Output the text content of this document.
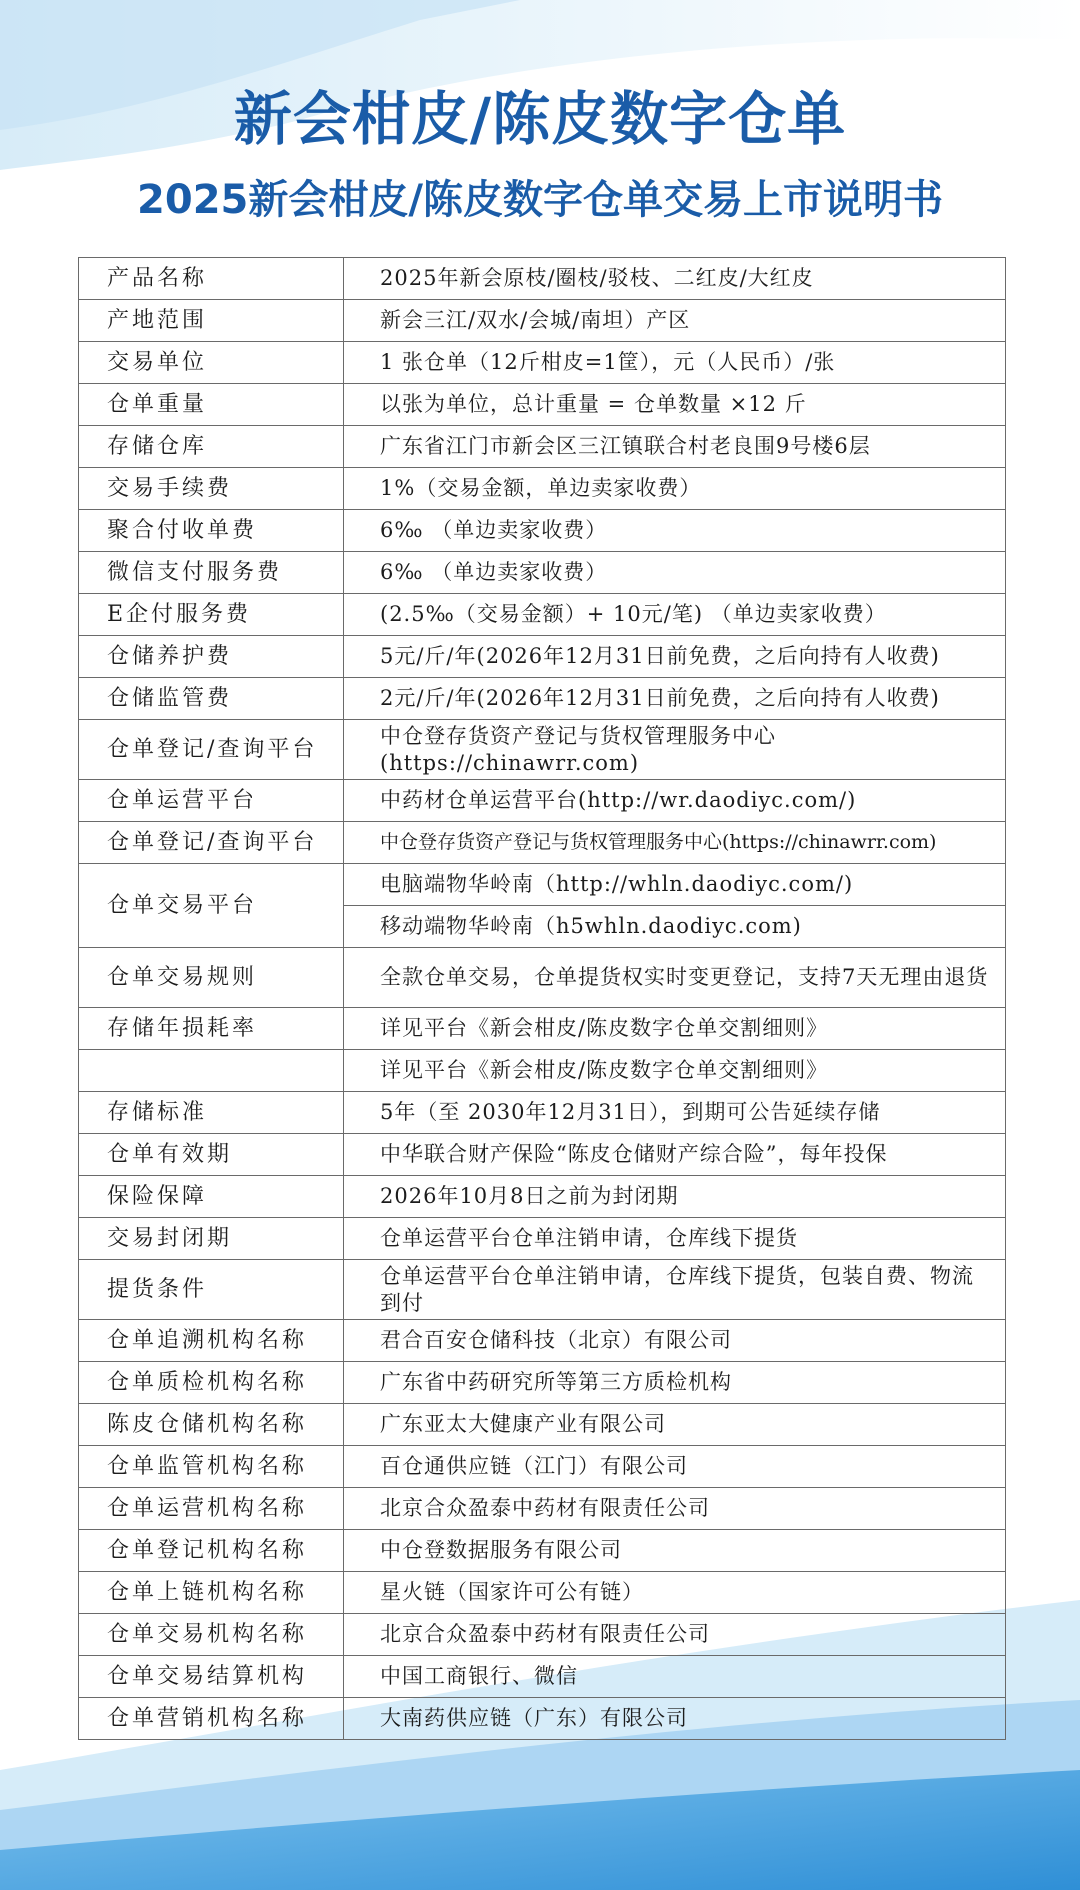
新会柑皮/陈皮数字仓单
2025新会柑皮/陈皮数字仓单交易上市说明书
产品名称	2025年新会原枝/圈枝/驳枝、二红皮/大红皮
产地范围	新会三江/双水/会城/南坦）产区
交易单位	1 张仓单（12斤柑皮=1筐），元（人民币）/张
仓单重量	以张为单位，总计重量 = 仓单数量 ×12 斤
存储仓库	广东省江门市新会区三江镇联合村老良围9号楼6层
交易手续费	1%（交易金额，单边卖家收费）
聚合付收单费	6‰ （单边卖家收费）
微信支付服务费	6‰ （单边卖家收费）
E企付服务费	(2.5‰（交易金额）+ 10元/笔) （单边卖家收费）
仓储养护费	5元/斤/年(2026年12月31日前免费，之后向持有人收费)
仓储监管费	2元/斤/年(2026年12月31日前免费，之后向持有人收费)
仓单登记/查询平台	中仓登存货资产登记与货权管理服务中心(https://chinawrr.com)
仓单运营平台	中药材仓单运营平台(http://wr.daodiyc.com/)
仓单登记/查询平台	中仓登存货资产登记与货权管理服务中心(https://chinawrr.com)
仓单交易平台	电脑端物华岭南（http://whln.daodiyc.com/)
	移动端物华岭南（h5whln.daodiyc.com)
仓单交易规则	全款仓单交易，仓单提货权实时变更登记，支持7天无理由退货
存储年损耗率	详见平台《新会柑皮/陈皮数字仓单交割细则》
	详见平台《新会柑皮/陈皮数字仓单交割细则》
存储标准	5年（至 2030年12月31日），到期可公告延续存储
仓单有效期	中华联合财产保险“陈皮仓储财产综合险”，每年投保
保险保障	2026年10月8日之前为封闭期
交易封闭期	仓单运营平台仓单注销申请，仓库线下提货
提货条件	仓单运营平台仓单注销申请，仓库线下提货，包装自费、物流到付
仓单追溯机构名称	君合百安仓储科技（北京）有限公司
仓单质检机构名称	广东省中药研究所等第三方质检机构
陈皮仓储机构名称	广东亚太大健康产业有限公司
仓单监管机构名称	百仓通供应链（江门）有限公司
仓单运营机构名称	北京合众盈泰中药材有限责任公司
仓单登记机构名称	中仓登数据服务有限公司
仓单上链机构名称	星火链（国家许可公有链）
仓单交易机构名称	北京合众盈泰中药材有限责任公司
仓单交易结算机构	中国工商银行、微信
仓单营销机构名称	大南药供应链（广东）有限公司
